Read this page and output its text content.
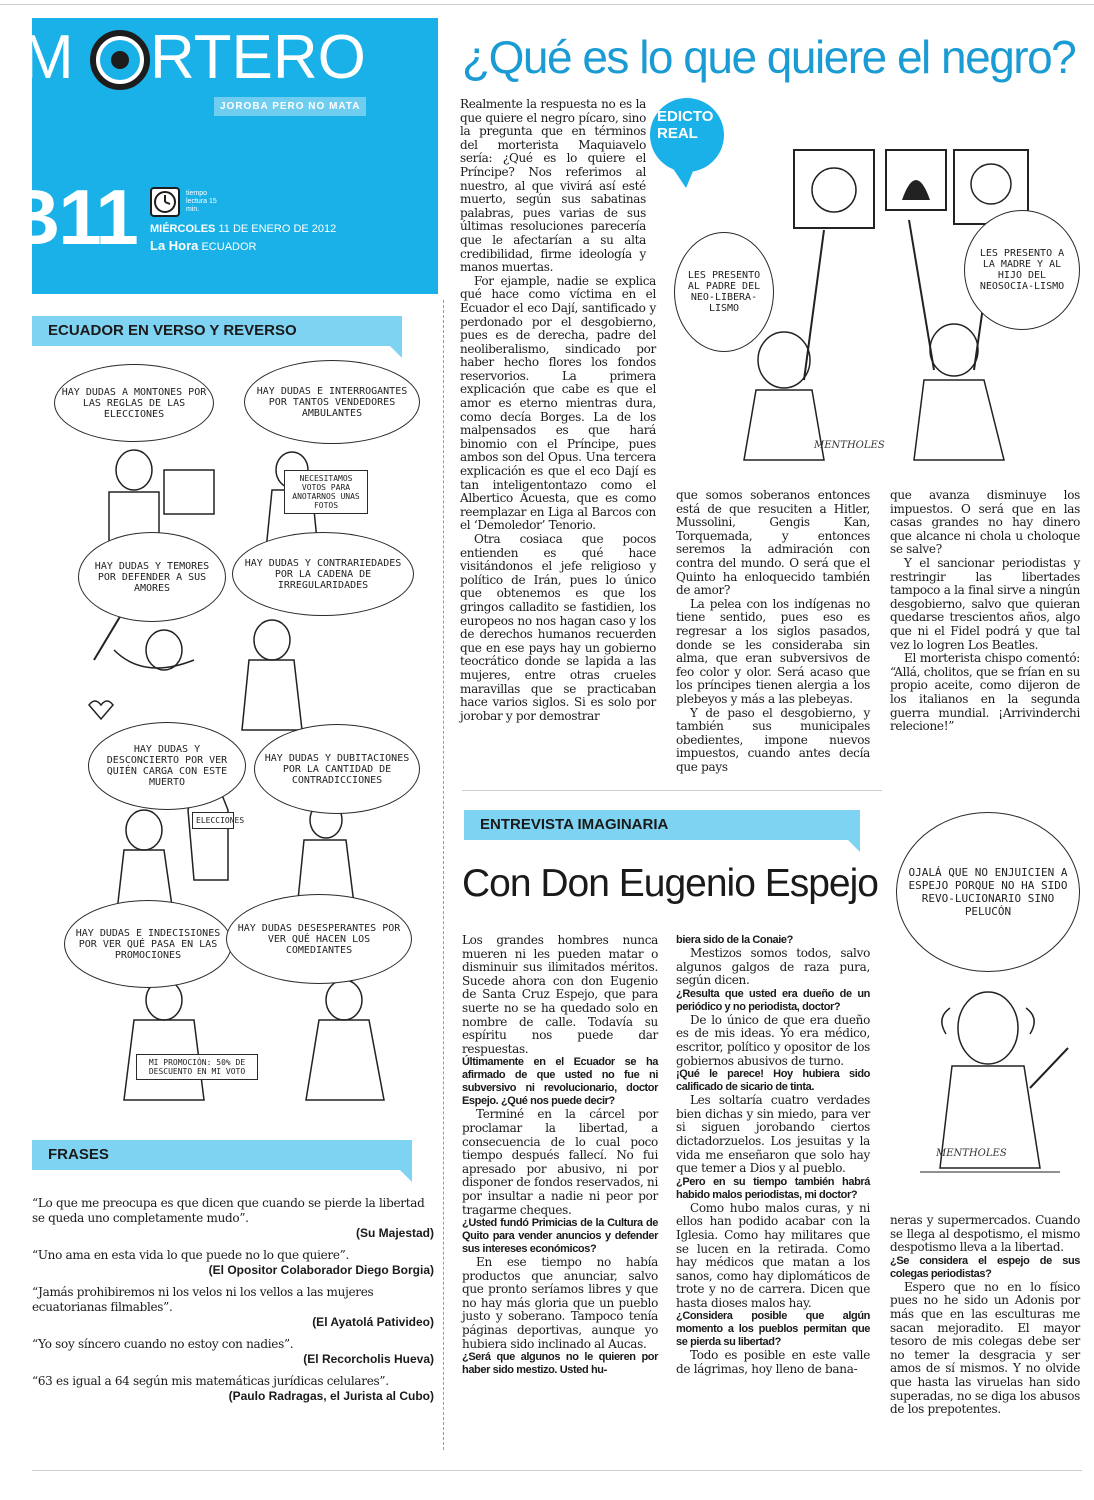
M RTERO
JOROBA PERO NO MATA
B11	tiempo lectura 15 min.
MIÉRCOLES 11 DE ENERO DE 2012
La Hora ECUADOR
¿Qué es lo que quiere el negro?
EDICTO REAL

Realmente la respuesta no es la que quiere el negro pícaro, sino la pregunta que en términos del morterista Maquiavelo sería: ¿Qué es lo quiere el Príncipe? Nos referimos al nuestro, al que vivirá así esté muerto, según sus sabatinas palabras, pues varias de sus últimas resoluciones parecería que le afectarían a su alta credibilidad, firme ideología y manos muertas.

For ejample, nadie se explica qué hace como víctima en el Ecuador el eco Dají, santificado y perdonado por el desgobierno, pues es de derecha, padre del neoliberalismo, sindicado por haber hecho flores los fondos reservorios. La primera explicación que cabe es que el amor es eterno mientras dura, como decía Borges. La de los malpensados es que hará binomio con el Príncipe, pues ambos son del Opus. Una tercera explicación es que el eco Dají es tan inteligentontazo como el Albertico Acuesta, que es como reemplazar en Liga al Barcos con el ‘Demoledor’ Tenorio.

Otra cosiaca que pocos entienden es qué hace visitándonos el jefe religioso y político de Irán, pues lo único que obtenemos es que los gringos calladito se fastidien, los europeos no nos hagan caso y los de derechos humanos recuerden que en ese pays hay un gobierno teocrático donde se lapida a las mujeres, entre otras crueles maravillas que se practicaban hace varios siglos. Si es solo por jorobar y por demostrar

que somos soberanos entonces está de que resuciten a Hitler, Mussolini, Gengis Kan, Torquemada, y entonces seremos la admiración con contra del mundo. O será que el Quinto ha enloquecido también de amor?

La pelea con los indígenas no tiene sentido, pues eso es regresar a los siglos pasados, donde se les consideraba sin alma, que eran subversivos de feo color y olor. Será acaso que los príncipes tienen alergia a los plebeyos y más a las plebeyas.

Y de paso el desgobierno, y también sus municipales obedientes, impone nuevos impuestos, cuando antes decía que pays

que avanza disminuye los impuestos. O será que en las casas grandes no hay dinero que alcance ni chola u choloque se salve?

Y el sancionar periodistas y restringir las libertades tampoco a la final sirve a ningún desgobierno, salvo que quieran quedarse trescientos años, algo que ni el Fidel podrá y que tal vez lo logren Los Beatles.

El morterista chispo comentó: “Allá, cholitos, que se frían en su propio aceite, como dijeron de los italianos en la segunda guerra mundial. ¡Arrivinderchi relecione!”

LES PRESENTO AL PADRE DEL NEO-LIBERA-LISMO
LES PRESENTO A LA MADRE Y AL HIJO DEL NEOSOCIA-LISMO
MENTHOLES
ECUADOR EN VERSO Y REVERSO
HAY DUDAS A MONTONES POR LAS REGLAS DE LAS ELECCIONES
HAY DUDAS E INTERROGANTES POR TANTOS VENDEDORES AMBULANTES
NECESITAMOS VOTOS PARA ANOTARNOS UNAS FOTOS
HAY DUDAS Y TEMORES POR DEFENDER A SUS AMORES
HAY DUDAS Y CONTRARIEDADES POR LA CADENA DE IRREGULARIDADES
HAY DUDAS Y DESCONCIERTO POR VER QUIÉN CARGA CON ESTE MUERTO
HAY DUDAS Y DUBITACIONES POR LA CANTIDAD DE CONTRADICCIONES
ELECCIONES
HAY DUDAS E INDECISIONES POR VER QUÉ PASA EN LAS PROMOCIONES
HAY DUDAS DESESPERANTES POR VER QUÉ HACEN LOS COMEDIANTES
MI PROMOCIÓN: 50% DE DESCUENTO EN MI VOTO
FRASES
“Lo que me preocupa es que dicen que cuando se pierde la libertad se queda uno completamente mudo”.
(Su Majestad)
“Uno ama en esta vida lo que puede no lo que quiere”.
(El Opositor Colaborador Diego Borgia)
“Jamás prohibiremos ni los velos ni los vellos a las mujeres ecuatorianas filmables”.
(El Ayatolá Pativideo)
“Yo soy síncero cuando no estoy con nadies”.
(El Recorcholis Hueva)
“63 es igual a 64 según mis matemáticas jurídicas celulares”.
(Paulo Radragas, el Jurista al Cubo)
ENTREVISTA IMAGINARIA
Con Don Eugenio Espejo

Los grandes hombres nunca mueren ni les pueden matar o disminuir sus ilimitados méritos. Sucede ahora con don Eugenio de Santa Cruz Espejo, que para suerte no se ha quedado solo en nombre de calle. Todavía su espíritu nos puede dar respuestas.

Últimamente en el Ecuador se ha afirmado de que usted no fue ni subversivo ni revolucionario, doctor Espejo. ¿Qué nos puede decir?

Terminé en la cárcel por proclamar la libertad, a consecuencia de lo cual poco tiempo después fallecí. No fui apresado por abusivo, ni por disponer de fondos reservados, ni por insultar a nadie ni peor por tragarme cheques.

¿Usted fundó Primicias de la Cultura de Quito para vender anuncios y defender sus intereses económicos?

En ese tiempo no había productos que anunciar, salvo que pronto seríamos libres y que no hay más gloria que un pueblo justo y soberano. Tampoco tenía páginas deportivas, aunque yo hubiera sido inclinado al Aucas.

¿Será que algunos no le quieren por haber sido mestizo. Usted hu-

biera sido de la Conaie?

Mestizos somos todos, salvo algunos galgos de raza pura, según dicen.

¿Resulta que usted era dueño de un periódico y no periodista, doctor?

De lo único de que era dueño es de mis ideas. Yo era médico, escritor, político y opositor de los gobiernos abusivos de turno.

¡Qué le parece! Hoy hubiera sido calificado de sicario de tinta.

Les soltaría cuatro verdades bien dichas y sin miedo, para ver si siguen jorobando ciertos dictadorzuelos. Los jesuitas y la vida me enseñaron que solo hay que temer a Dios y al pueblo.

¿Pero en su tiempo también habrá habido malos periodistas, mi doctor?

Como hubo malos curas, y ni ellos han podido acabar con la Iglesia. Como hay militares que se lucen en la retirada. Como hay médicos que matan a los sanos, como hay diplomáticos de trote y no de carrera. Dicen que hasta dioses malos hay.

¿Considera posible que algún momento a los pueblos permitan que se pierda su libertad?

Todo es posible en este valle de lágrimas, hoy lleno de bana-

neras y supermercados. Cuando se llega al despotismo, el mismo despotismo lleva a la libertad.

¿Se considera el espejo de sus colegas periodistas?

Espero que no en lo físico pues no he sido un Adonis por más que en las esculturas me sacan mejoradito. El mayor tesoro de mis colegas debe ser no temer la desgracia y ser amos de sí mismos. Y no olvide que hasta las viruelas han sido superadas, no se diga los abusos de los prepotentes.

OJALÁ QUE NO ENJUICIEN A ESPEJO PORQUE NO HA SIDO REVO-LUCIONARIO SINO PELUCÓN
MENTHOLES
